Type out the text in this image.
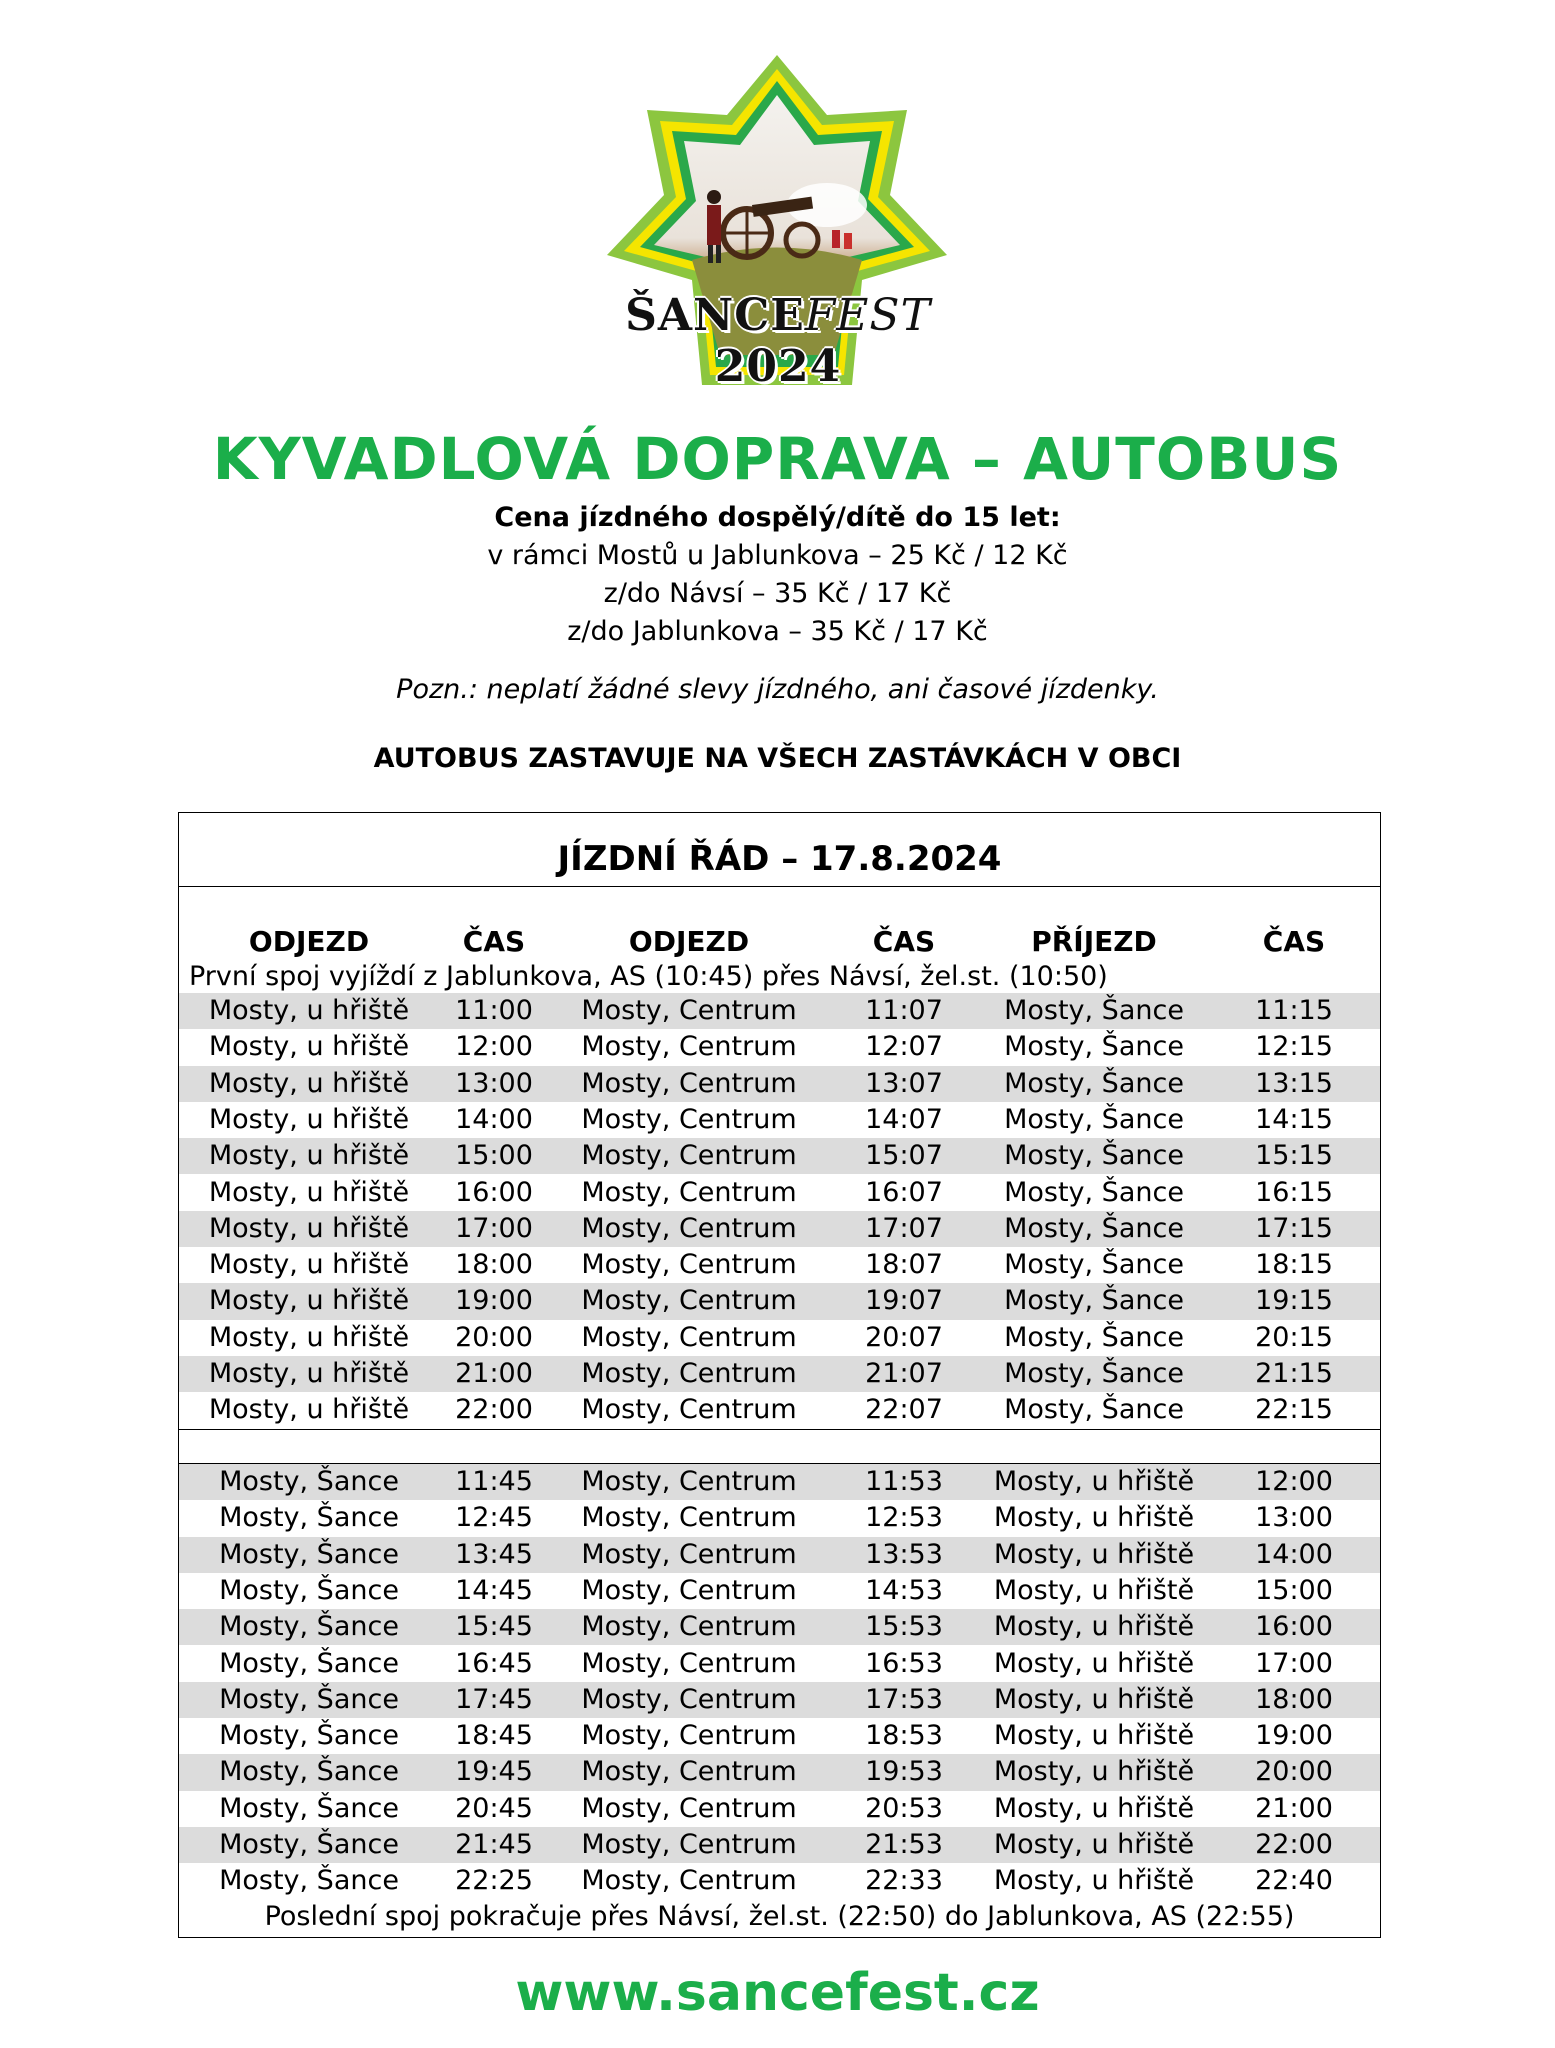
ŠANCEFEST 2024
KYVADLOVÁ DOPRAVA – AUTOBUS
Cena jízdného dospělý/dítě do 15 let:
v rámci Mostů u Jablunkova – 25 Kč / 12 Kč
z/do Návsí – 35 Kč / 17 Kč
z/do Jablunkova – 35 Kč / 17 Kč
Pozn.: neplatí žádné slevy jízdného, ani časové jízdenky.
AUTOBUS ZASTAVUJE NA VŠECH ZASTÁVKÁCH V OBCI
JÍZDNÍ ŘÁD – 17.8.2024
ODJEZD	ČAS	ODJEZD	ČAS	PŘÍJEZD	ČAS
První spoj vyjíždí z Jablunkova, AS (10:45) přes Návsí, žel.st. (10:50)
Mosty, u hřiště	11:00	Mosty, Centrum	11:07	Mosty, Šance	11:15
Mosty, u hřiště	12:00	Mosty, Centrum	12:07	Mosty, Šance	12:15
Mosty, u hřiště	13:00	Mosty, Centrum	13:07	Mosty, Šance	13:15
Mosty, u hřiště	14:00	Mosty, Centrum	14:07	Mosty, Šance	14:15
Mosty, u hřiště	15:00	Mosty, Centrum	15:07	Mosty, Šance	15:15
Mosty, u hřiště	16:00	Mosty, Centrum	16:07	Mosty, Šance	16:15
Mosty, u hřiště	17:00	Mosty, Centrum	17:07	Mosty, Šance	17:15
Mosty, u hřiště	18:00	Mosty, Centrum	18:07	Mosty, Šance	18:15
Mosty, u hřiště	19:00	Mosty, Centrum	19:07	Mosty, Šance	19:15
Mosty, u hřiště	20:00	Mosty, Centrum	20:07	Mosty, Šance	20:15
Mosty, u hřiště	21:00	Mosty, Centrum	21:07	Mosty, Šance	21:15
Mosty, u hřiště	22:00	Mosty, Centrum	22:07	Mosty, Šance	22:15
Mosty, Šance	11:45	Mosty, Centrum	11:53	Mosty, u hřiště	12:00
Mosty, Šance	12:45	Mosty, Centrum	12:53	Mosty, u hřiště	13:00
Mosty, Šance	13:45	Mosty, Centrum	13:53	Mosty, u hřiště	14:00
Mosty, Šance	14:45	Mosty, Centrum	14:53	Mosty, u hřiště	15:00
Mosty, Šance	15:45	Mosty, Centrum	15:53	Mosty, u hřiště	16:00
Mosty, Šance	16:45	Mosty, Centrum	16:53	Mosty, u hřiště	17:00
Mosty, Šance	17:45	Mosty, Centrum	17:53	Mosty, u hřiště	18:00
Mosty, Šance	18:45	Mosty, Centrum	18:53	Mosty, u hřiště	19:00
Mosty, Šance	19:45	Mosty, Centrum	19:53	Mosty, u hřiště	20:00
Mosty, Šance	20:45	Mosty, Centrum	20:53	Mosty, u hřiště	21:00
Mosty, Šance	21:45	Mosty, Centrum	21:53	Mosty, u hřiště	22:00
Mosty, Šance	22:25	Mosty, Centrum	22:33	Mosty, u hřiště	22:40
Poslední spoj pokračuje přes Návsí, žel.st. (22:50) do Jablunkova, AS (22:55)
www.sancefest.cz
